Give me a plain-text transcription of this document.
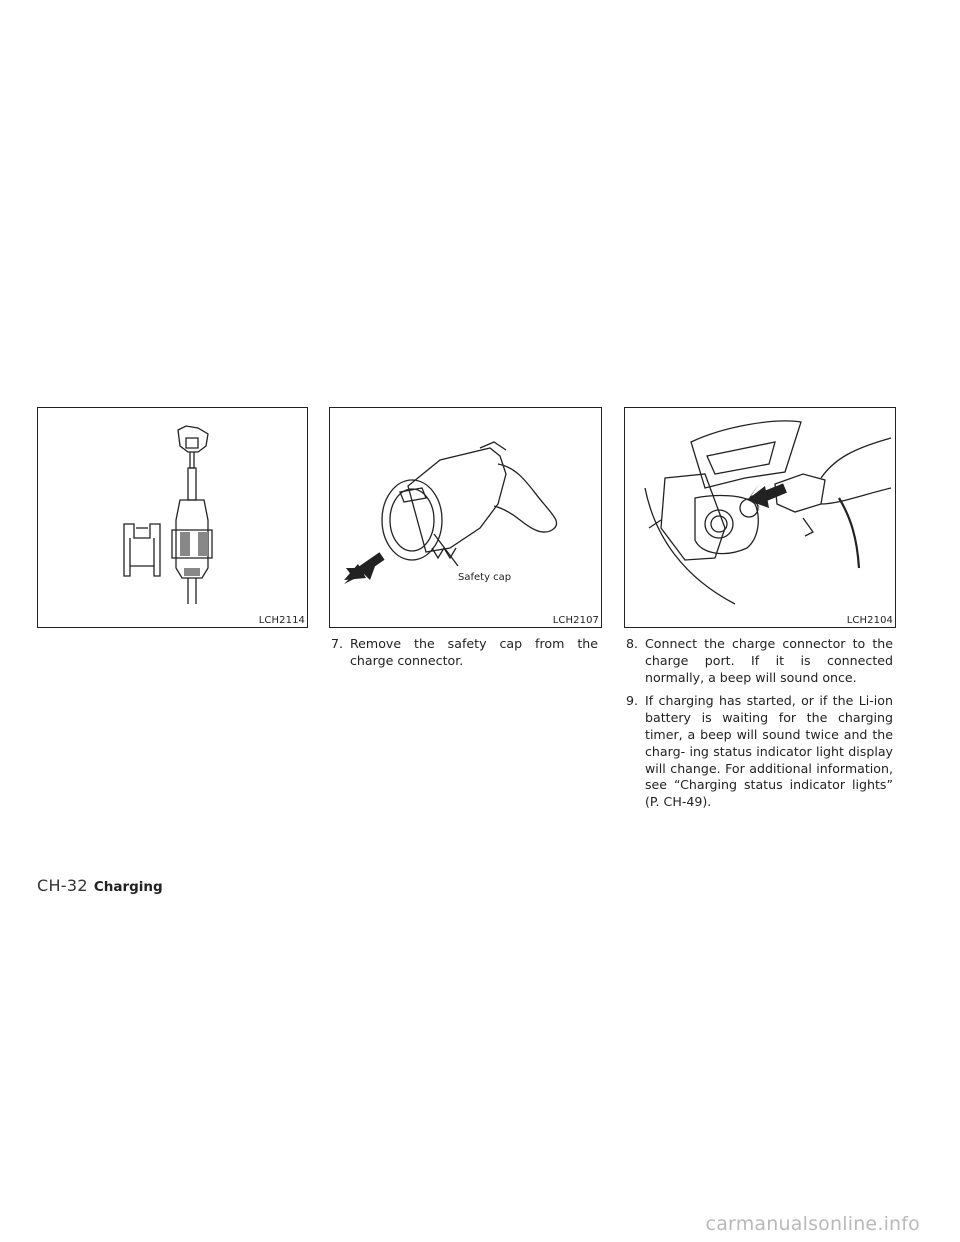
LCH2114
Safety cap
LCH2107	LCH2104
7. Remove the safety cap from the charge connector.
8. Connect the charge connector to the charge port. If it is connected normally, a beep will sound once.
9. If charging has started, or if the Li-ion battery is waiting for the charging timer, a beep will sound twice and the charg- ing status indicator light display will change. For additional information, see “Charging status indicator lights” (P. CH-49).
CH-32 Charging
carmanualsonline.info
